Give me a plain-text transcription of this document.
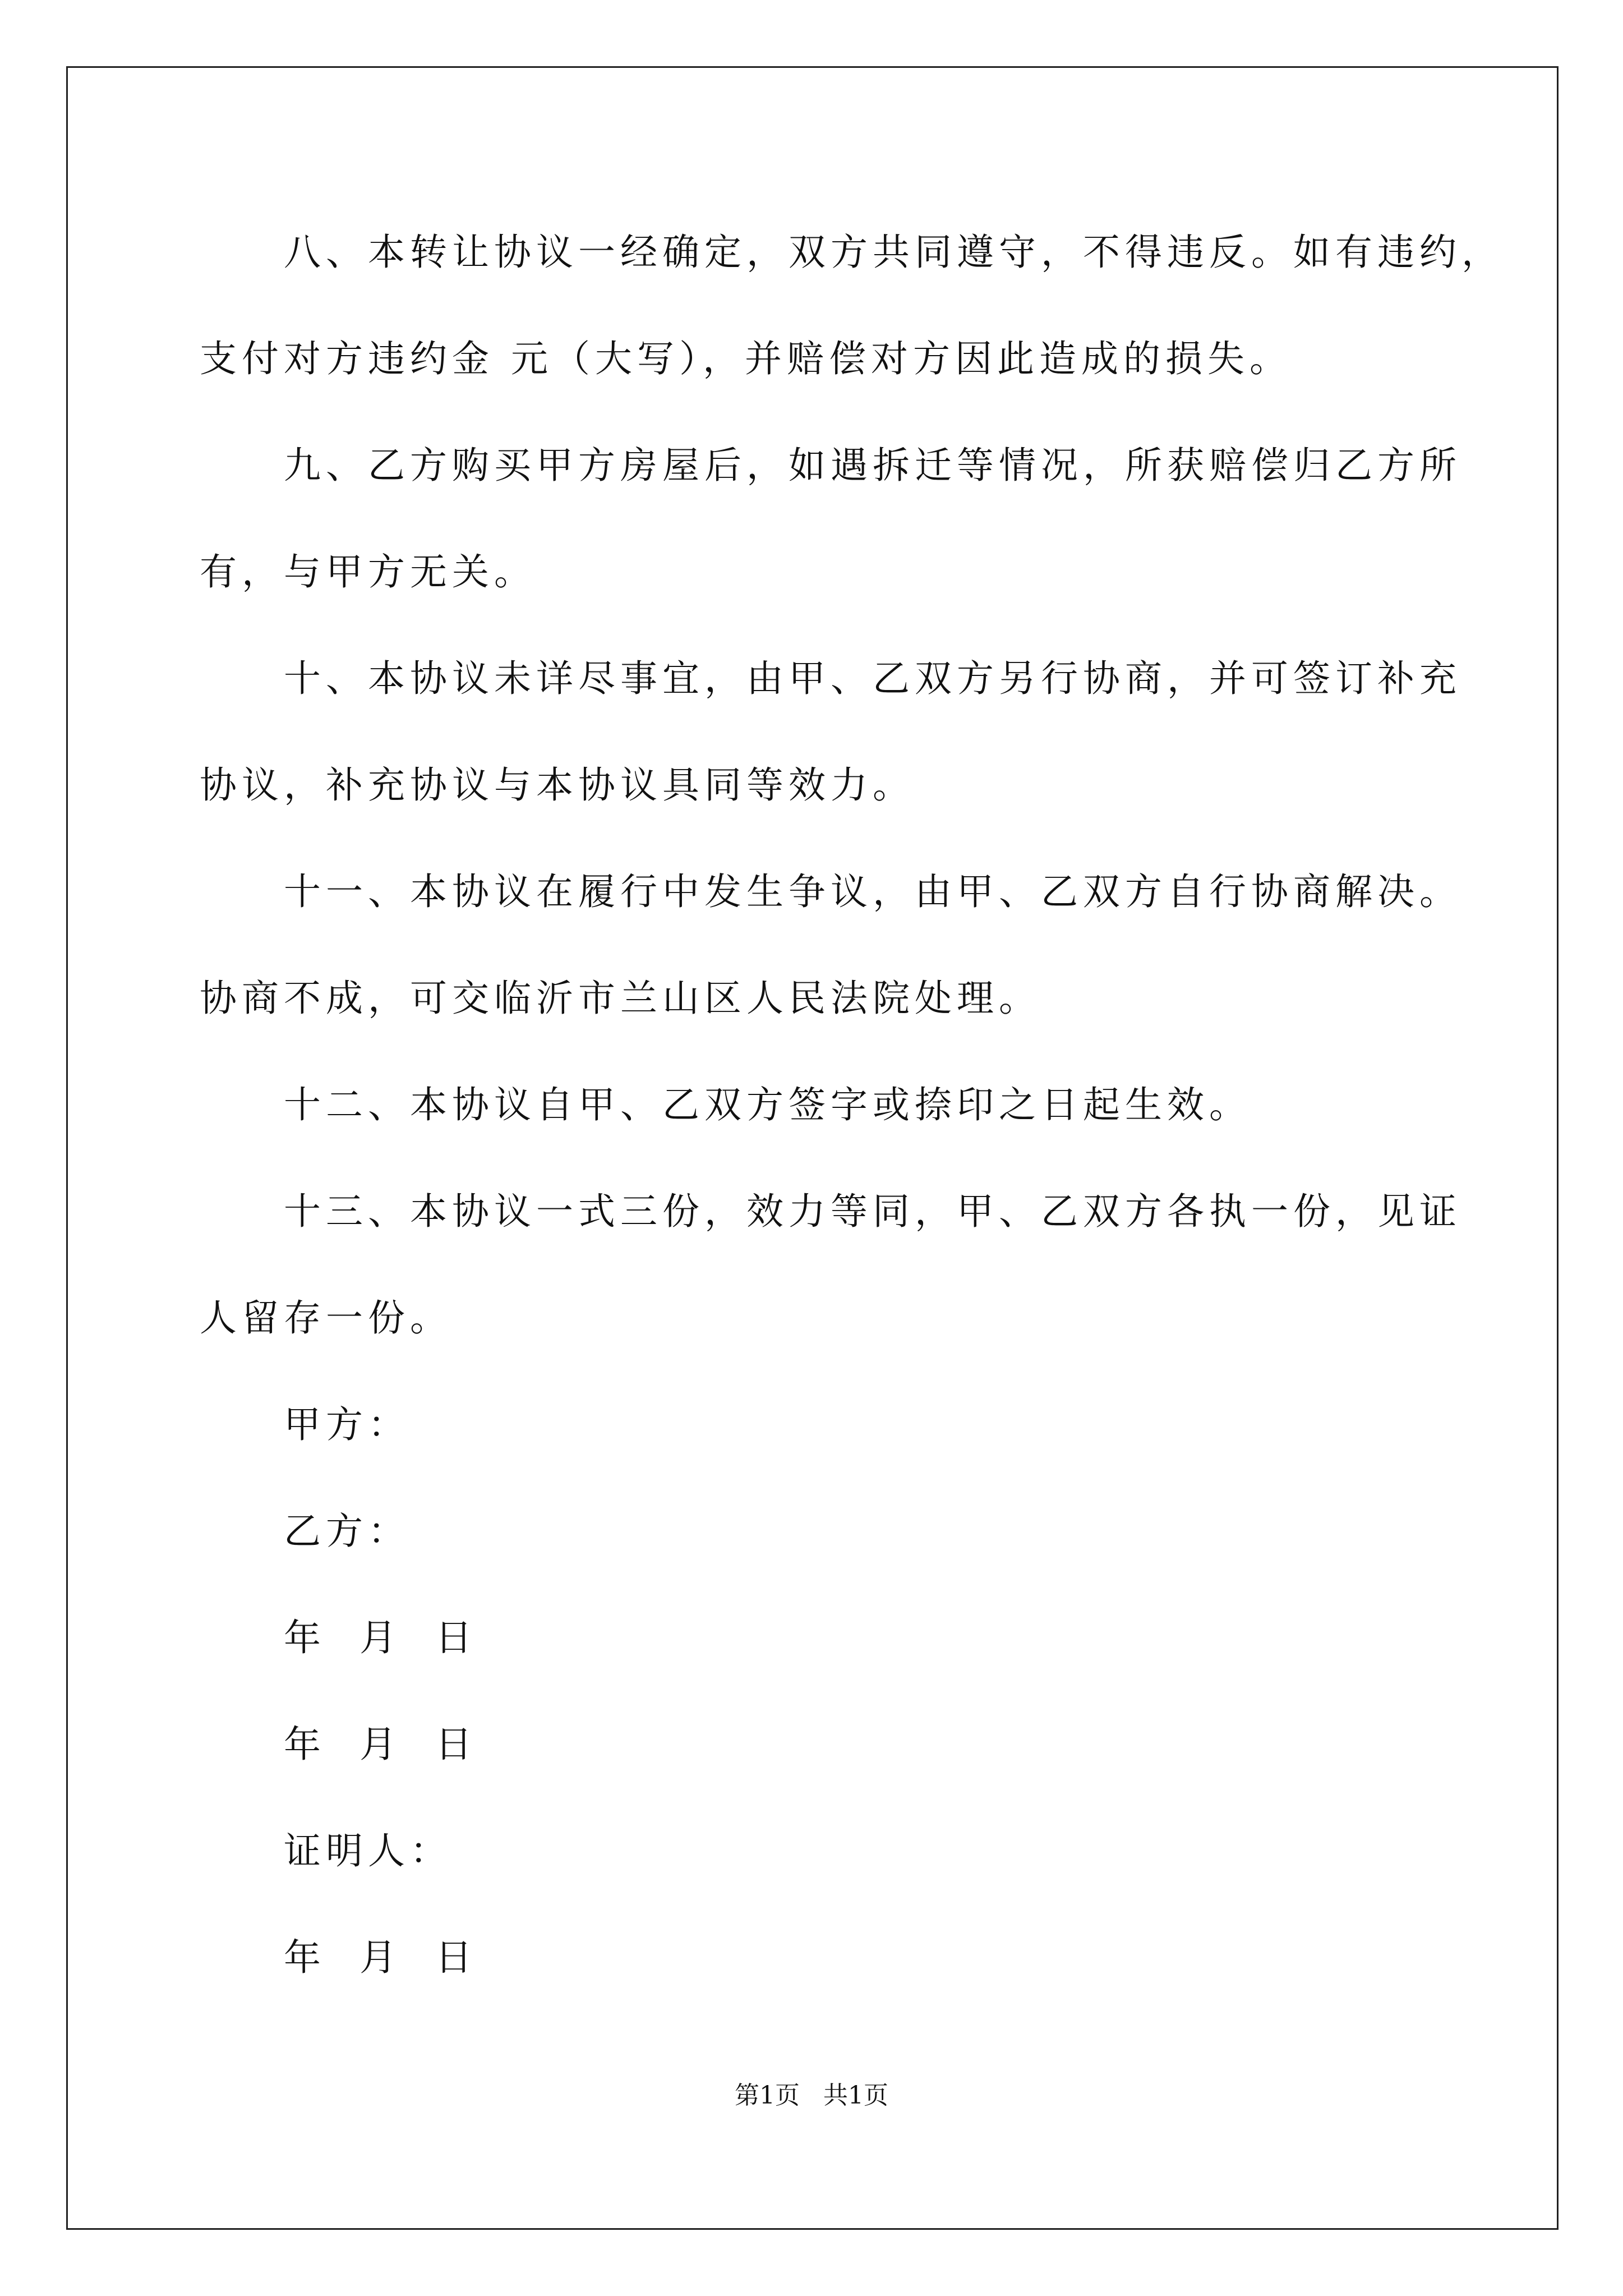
八、本转让协议一经确定，双方共同遵守，不得违反。如有违约，
支付对方违约金 元（大写），并赔偿对方因此造成的损失。
九、乙方购买甲方房屋后，如遇拆迁等情况，所获赔偿归乙方所
有，与甲方无关。
十、本协议未详尽事宜，由甲、乙双方另行协商，并可签订补充
协议，补充协议与本协议具同等效力。
十一、本协议在履行中发生争议，由甲、乙双方自行协商解决。
协商不成，可交临沂市兰山区人民法院处理。
十二、本协议自甲、乙双方签字或捺印之日起生效。
十三、本协议一式三份，效力等同，甲、乙双方各执一份，见证
人留存一份。
甲方：
乙方：
年  月  日
年  月  日
证明人：
年  月  日
第1页   共1页
